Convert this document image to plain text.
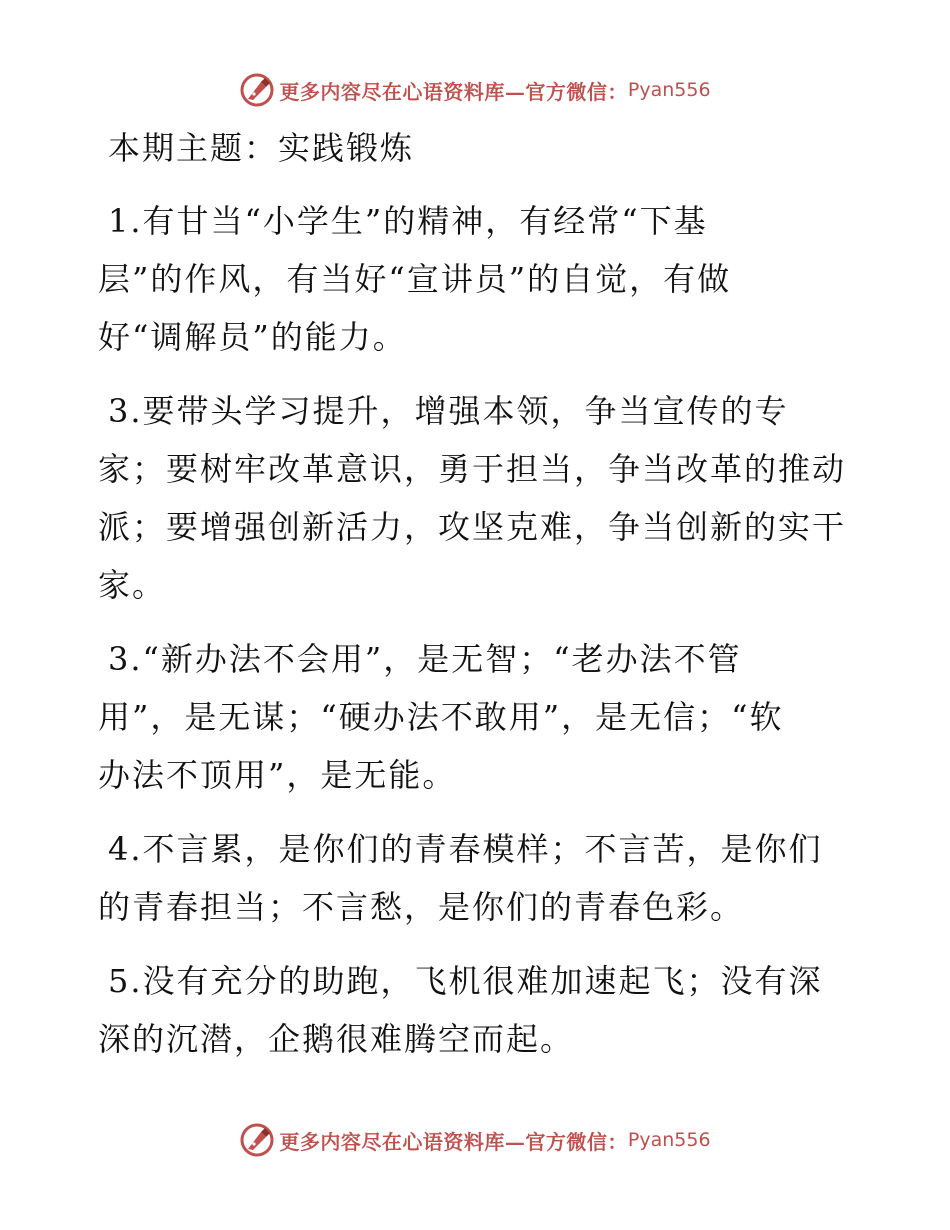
更多内容尽在心语资料库—官方微信： Pyan556
本期主题：实践锻炼
1.有甘当“小学生”的精神，有经常“下基
层”的作风，有当好“宣讲员”的自觉，有做
好“调解员”的能力。
3.要带头学习提升，增强本领，争当宣传的专
家；要树牢改革意识，勇于担当，争当改革的推动
派；要增强创新活力，攻坚克难，争当创新的实干
家。
3.“新办法不会用”，是无智；“老办法不管
用”，是无谋；“硬办法不敢用”，是无信；“软
办法不顶用”，是无能。
4.不言累，是你们的青春模样；不言苦，是你们
的青春担当；不言愁，是你们的青春色彩。
5.没有充分的助跑，飞机很难加速起飞；没有深
深的沉潜，企鹅很难腾空而起。
更多内容尽在心语资料库—官方微信： Pyan556
